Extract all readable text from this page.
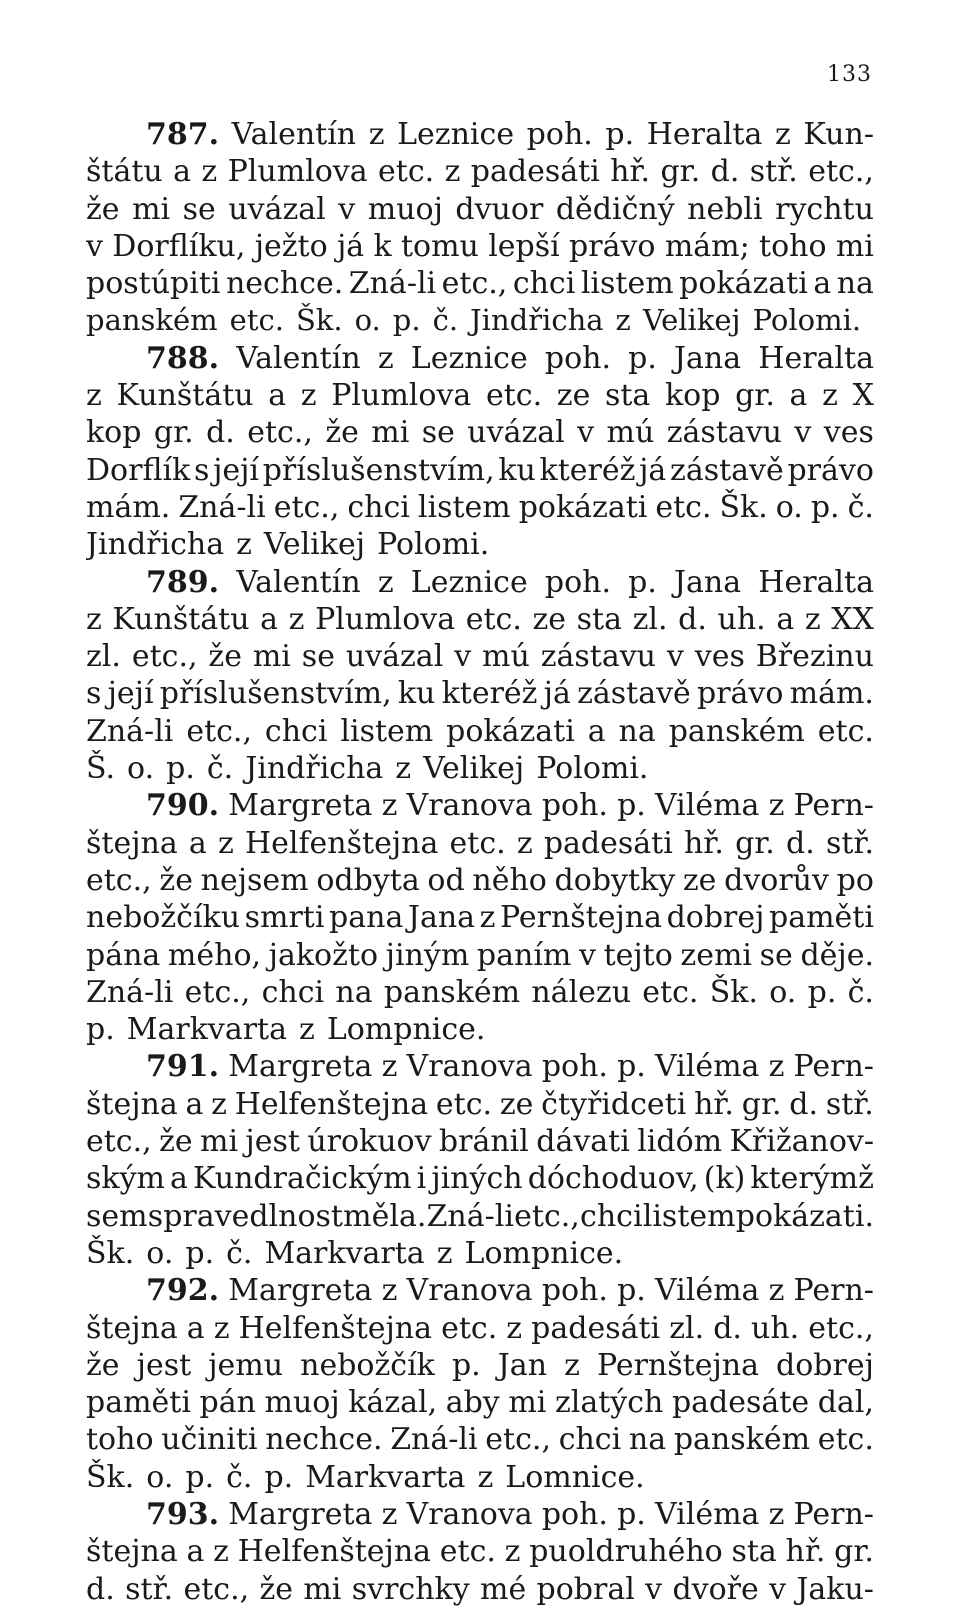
133
787. Valentín z Leznice poh. p. Heralta z Kun-
štátu a z Plumlova etc. z padesáti hř. gr. d. stř. etc.,
že mi se uvázal v muoj dvuor dědičný nebli rychtu
v Dorflíku, ježto já k tomu lepší právo mám; toho mi
postúpiti nechce. Zná-li etc., chci listem pokázati a na
panském etc. Šk. o. p. č. Jindřicha z Velikej Polomi.
788. Valentín z Leznice poh. p. Jana Heralta
z Kunštátu a z Plumlova etc. ze sta kop gr. a z X
kop gr. d. etc., že mi se uvázal v mú zástavu v ves
Dorflík s její příslušenstvím, ku kteréž já zástavě právo
mám. Zná-li etc., chci listem pokázati etc. Šk. o. p. č.
Jindřicha z Velikej Polomi.
789. Valentín z Leznice poh. p. Jana Heralta
z Kunštátu a z Plumlova etc. ze sta zl. d. uh. a z XX
zl. etc., že mi se uvázal v mú zástavu v ves Březinu
s její příslušenstvím, ku kteréž já zástavě právo mám.
Zná-li etc., chci listem pokázati a na panském etc.
Š. o. p. č. Jindřicha z Velikej Polomi.
790. Margreta z Vranova poh. p. Viléma z Pern-
štejna a z Helfenštejna etc. z padesáti hř. gr. d. stř.
etc., že nejsem odbyta od něho dobytky ze dvorův po
nebožčíku smrti pana Jana z Pernštejna dobrej paměti
pána mého, jakožto jiným paním v tejto zemi se děje.
Zná-li etc., chci na panském nálezu etc. Šk. o. p. č.
p. Markvarta z Lompnice.
791. Margreta z Vranova poh. p. Viléma z Pern-
štejna a z Helfenštejna etc. ze čtyřidceti hř. gr. d. stř.
etc., že mi jest úrokuov bránil dávati lidóm Křižanov-
ským a Kundračickým i jiných dóchoduov, (k) kterýmž
sem spravedlnost měla. Zná-li etc., chci listem pokázati.
Šk. o. p. č. Markvarta z Lompnice.
792. Margreta z Vranova poh. p. Viléma z Pern-
štejna a z Helfenštejna etc. z padesáti zl. d. uh. etc.,
že jest jemu nebožčík p. Jan z Pernštejna dobrej
paměti pán muoj kázal, aby mi zlatých padesáte dal,
toho učiniti nechce. Zná-li etc., chci na panském etc.
Šk. o. p. č. p. Markvarta z Lomnice.
793. Margreta z Vranova poh. p. Viléma z Pern-
štejna a z Helfenštejna etc. z puoldruhého sta hř. gr.
d. stř. etc., že mi svrchky mé pobral v dvoře v Jaku-
